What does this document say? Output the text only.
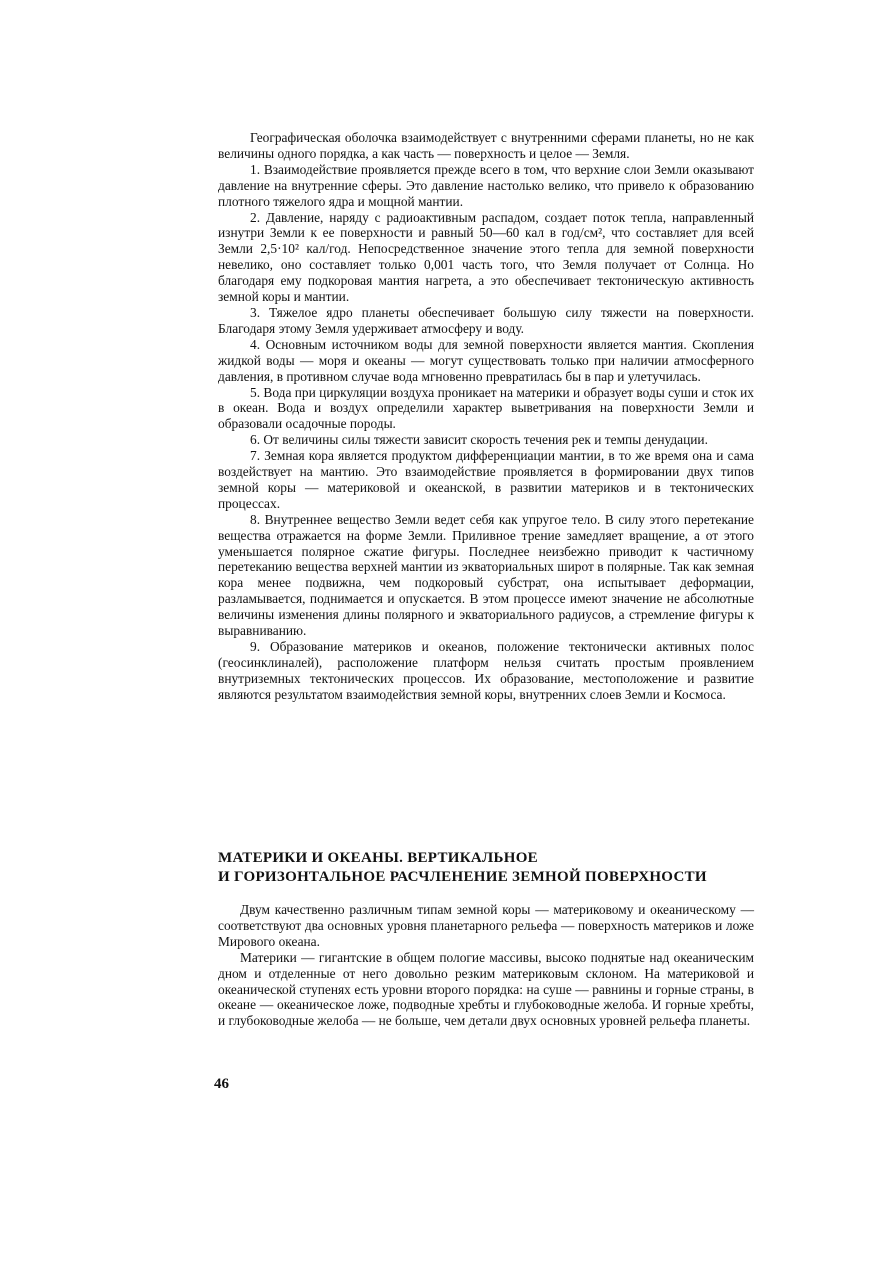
Географическая оболочка взаимодействует с внутренними сферами планеты, но не как величины одного порядка, а как часть — поверхность и целое — Земля.

1. Взаимодействие проявляется прежде всего в том, что верхние слои Земли оказывают давление на внутренние сферы. Это давление настолько велико, что привело к образованию плотного тяжелого ядра и мощной мантии.

2. Давление, наряду с радиоактивным распадом, создает поток тепла, направленный изнутри Земли к ее поверхности и равный 50—60 кал в год/см², что составляет для всей Земли 2,5·10² кал/год. Непосредственное значение этого тепла для земной поверхности невелико, оно составляет только 0,001 часть того, что Земля получает от Солнца. Но благодаря ему подкоровая мантия нагрета, а это обеспечивает тектоническую активность земной коры и мантии.

3. Тяжелое ядро планеты обеспечивает большую силу тяжести на поверхности. Благодаря этому Земля удерживает атмосферу и воду.

4. Основным источником воды для земной поверхности является мантия. Скопления жидкой воды — моря и океаны — могут существовать только при наличии атмосферного давления, в противном случае вода мгновенно превратилась бы в пар и улетучилась.

5. Вода при циркуляции воздуха проникает на материки и образует воды суши и сток их в океан. Вода и воздух определили характер выветривания на поверхности Земли и образовали осадочные породы.

6. От величины силы тяжести зависит скорость течения рек и темпы денудации.

7. Земная кора является продуктом дифференциации мантии, в то же время она и сама воздействует на мантию. Это взаимодействие проявляется в формировании двух типов земной коры — материковой и океанской, в развитии материков и в тектонических процессах.

8. Внутреннее вещество Земли ведет себя как упругое тело. В силу этого перетекание вещества отражается на форме Земли. Приливное трение замедляет вращение, а от этого уменьшается полярное сжатие фигуры. Последнее неизбежно приводит к частичному перетеканию вещества верхней мантии из экваториальных широт в полярные. Так как земная кора менее подвижна, чем подкоровый субстрат, она испытывает деформации, разламывается, поднимается и опускается. В этом процессе имеют значение не абсолютные величины изменения длины полярного и экваториального радиусов, а стремление фигуры к выравниванию.

9. Образование материков и океанов, положение тектонически активных полос (геосинклиналей), расположение платформ нельзя считать простым проявлением внутриземных тектонических процессов. Их образование, местоположение и развитие являются результатом взаимодействия земной коры, внутренних слоев Земли и Космоса.

МАТЕРИКИ И ОКЕАНЫ. ВЕРТИКАЛЬНОЕ
И ГОРИЗОНТАЛЬНОЕ РАСЧЛЕНЕНИЕ ЗЕМНОЙ ПОВЕРХНОСТИ

Двум качественно различным типам земной коры — материковому и океаническому — соответствуют два основных уровня планетарного рельефа — поверхность материков и ложе Мирового океана.

Материки — гигантские в общем пологие массивы, высоко поднятые над океаническим дном и отделенные от него довольно резким материковым склоном. На материковой и океанической ступенях есть уровни второго порядка: на суше — равнины и горные страны, в океане — океаническое ложе, подводные хребты и глубоководные желоба. И горные хребты, и глубоководные желоба — не больше, чем детали двух основных уровней рельефа планеты.

46
